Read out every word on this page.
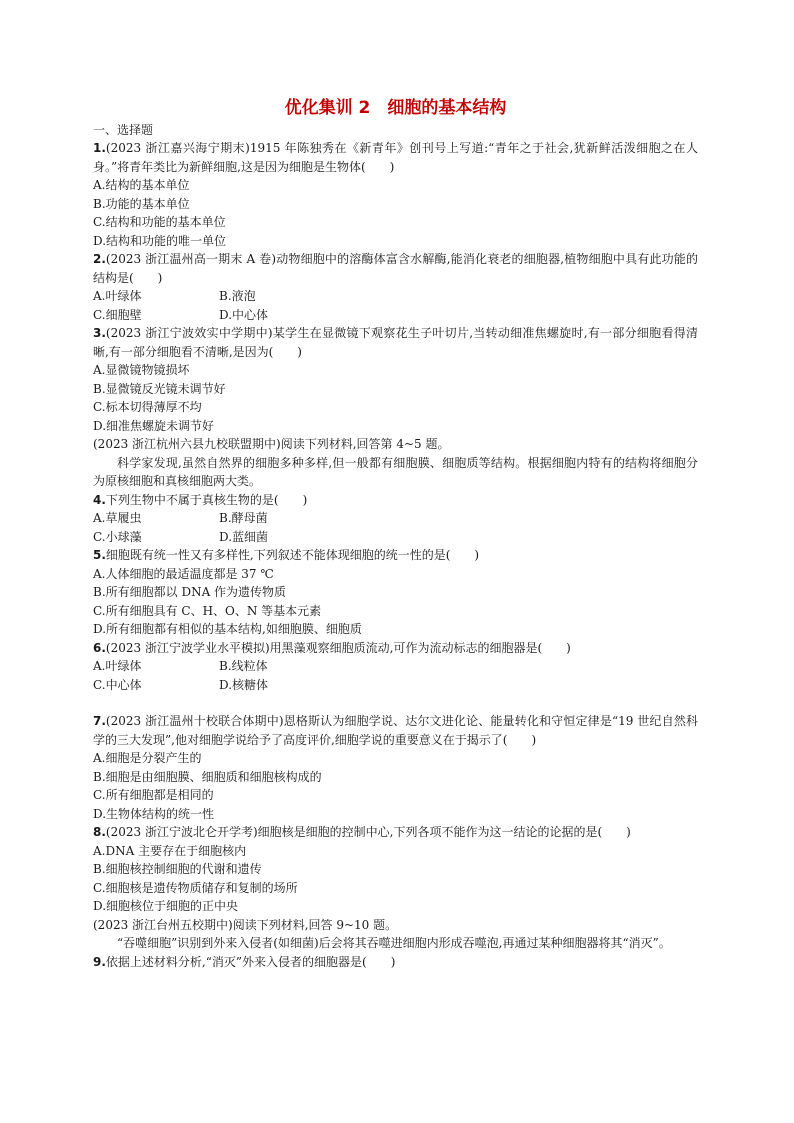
优化集训 2　细胞的基本结构
一、选择题

1.(2023 浙江嘉兴海宁期末)1915 年陈独秀在《新青年》创刊号上写道:“青年之于社会,犹新鲜活泼细胞之在人身。”将青年类比为新鲜细胞,这是因为细胞是生物体(　　)

A.结构的基本单位

B.功能的基本单位

C.结构和功能的基本单位

D.结构和功能的唯一单位

2.(2023 浙江温州高一期末 A 卷)动物细胞中的溶酶体富含水解酶,能消化衰老的细胞器,植物细胞中具有此功能的结构是(　　)

A.叶绿体	B.液泡
C.细胞壁	D.中心体

3.(2023 浙江宁波效实中学期中)某学生在显微镜下观察花生子叶切片,当转动细准焦螺旋时,有一部分细胞看得清晰,有一部分细胞看不清晰,是因为(　　)

A.显微镜物镜损坏

B.显微镜反光镜未调节好

C.标本切得薄厚不均

D.细准焦螺旋未调节好

(2023 浙江杭州六县九校联盟期中)阅读下列材料,回答第 4~5 题。

科学家发现,虽然自然界的细胞多种多样,但一般都有细胞膜、细胞质等结构。根据细胞内特有的结构将细胞分为原核细胞和真核细胞两大类。

4.下列生物中不属于真核生物的是(　　)

A.草履虫	B.酵母菌
C.小球藻	D.蓝细菌

5.细胞既有统一性又有多样性,下列叙述不能体现细胞的统一性的是(　　)

A.人体细胞的最适温度都是 37 ℃

B.所有细胞都以 DNA 作为遗传物质

C.所有细胞具有 C、H、O、N 等基本元素

D.所有细胞都有相似的基本结构,如细胞膜、细胞质

6.(2023 浙江宁波学业水平模拟)用黑藻观察细胞质流动,可作为流动标志的细胞器是(　　)

A.叶绿体	B.线粒体
C.中心体	D.核糖体

7.(2023 浙江温州十校联合体期中)恩格斯认为细胞学说、达尔文进化论、能量转化和守恒定律是“19 世纪自然科学的三大发现”,他对细胞学说给予了高度评价,细胞学说的重要意义在于揭示了(　　)

A.细胞是分裂产生的

B.细胞是由细胞膜、细胞质和细胞核构成的

C.所有细胞都是相同的

D.生物体结构的统一性

8.(2023 浙江宁波北仑开学考)细胞核是细胞的控制中心,下列各项不能作为这一结论的论据的是(　　)

A.DNA 主要存在于细胞核内

B.细胞核控制细胞的代谢和遗传

C.细胞核是遗传物质储存和复制的场所

D.细胞核位于细胞的正中央

(2023 浙江台州五校期中)阅读下列材料,回答 9~10 题。

“吞噬细胞”识别到外来入侵者(如细菌)后会将其吞噬进细胞内形成吞噬泡,再通过某种细胞器将其“消灭”。

9.依据上述材料分析,“消灭”外来入侵者的细胞器是(　　)
